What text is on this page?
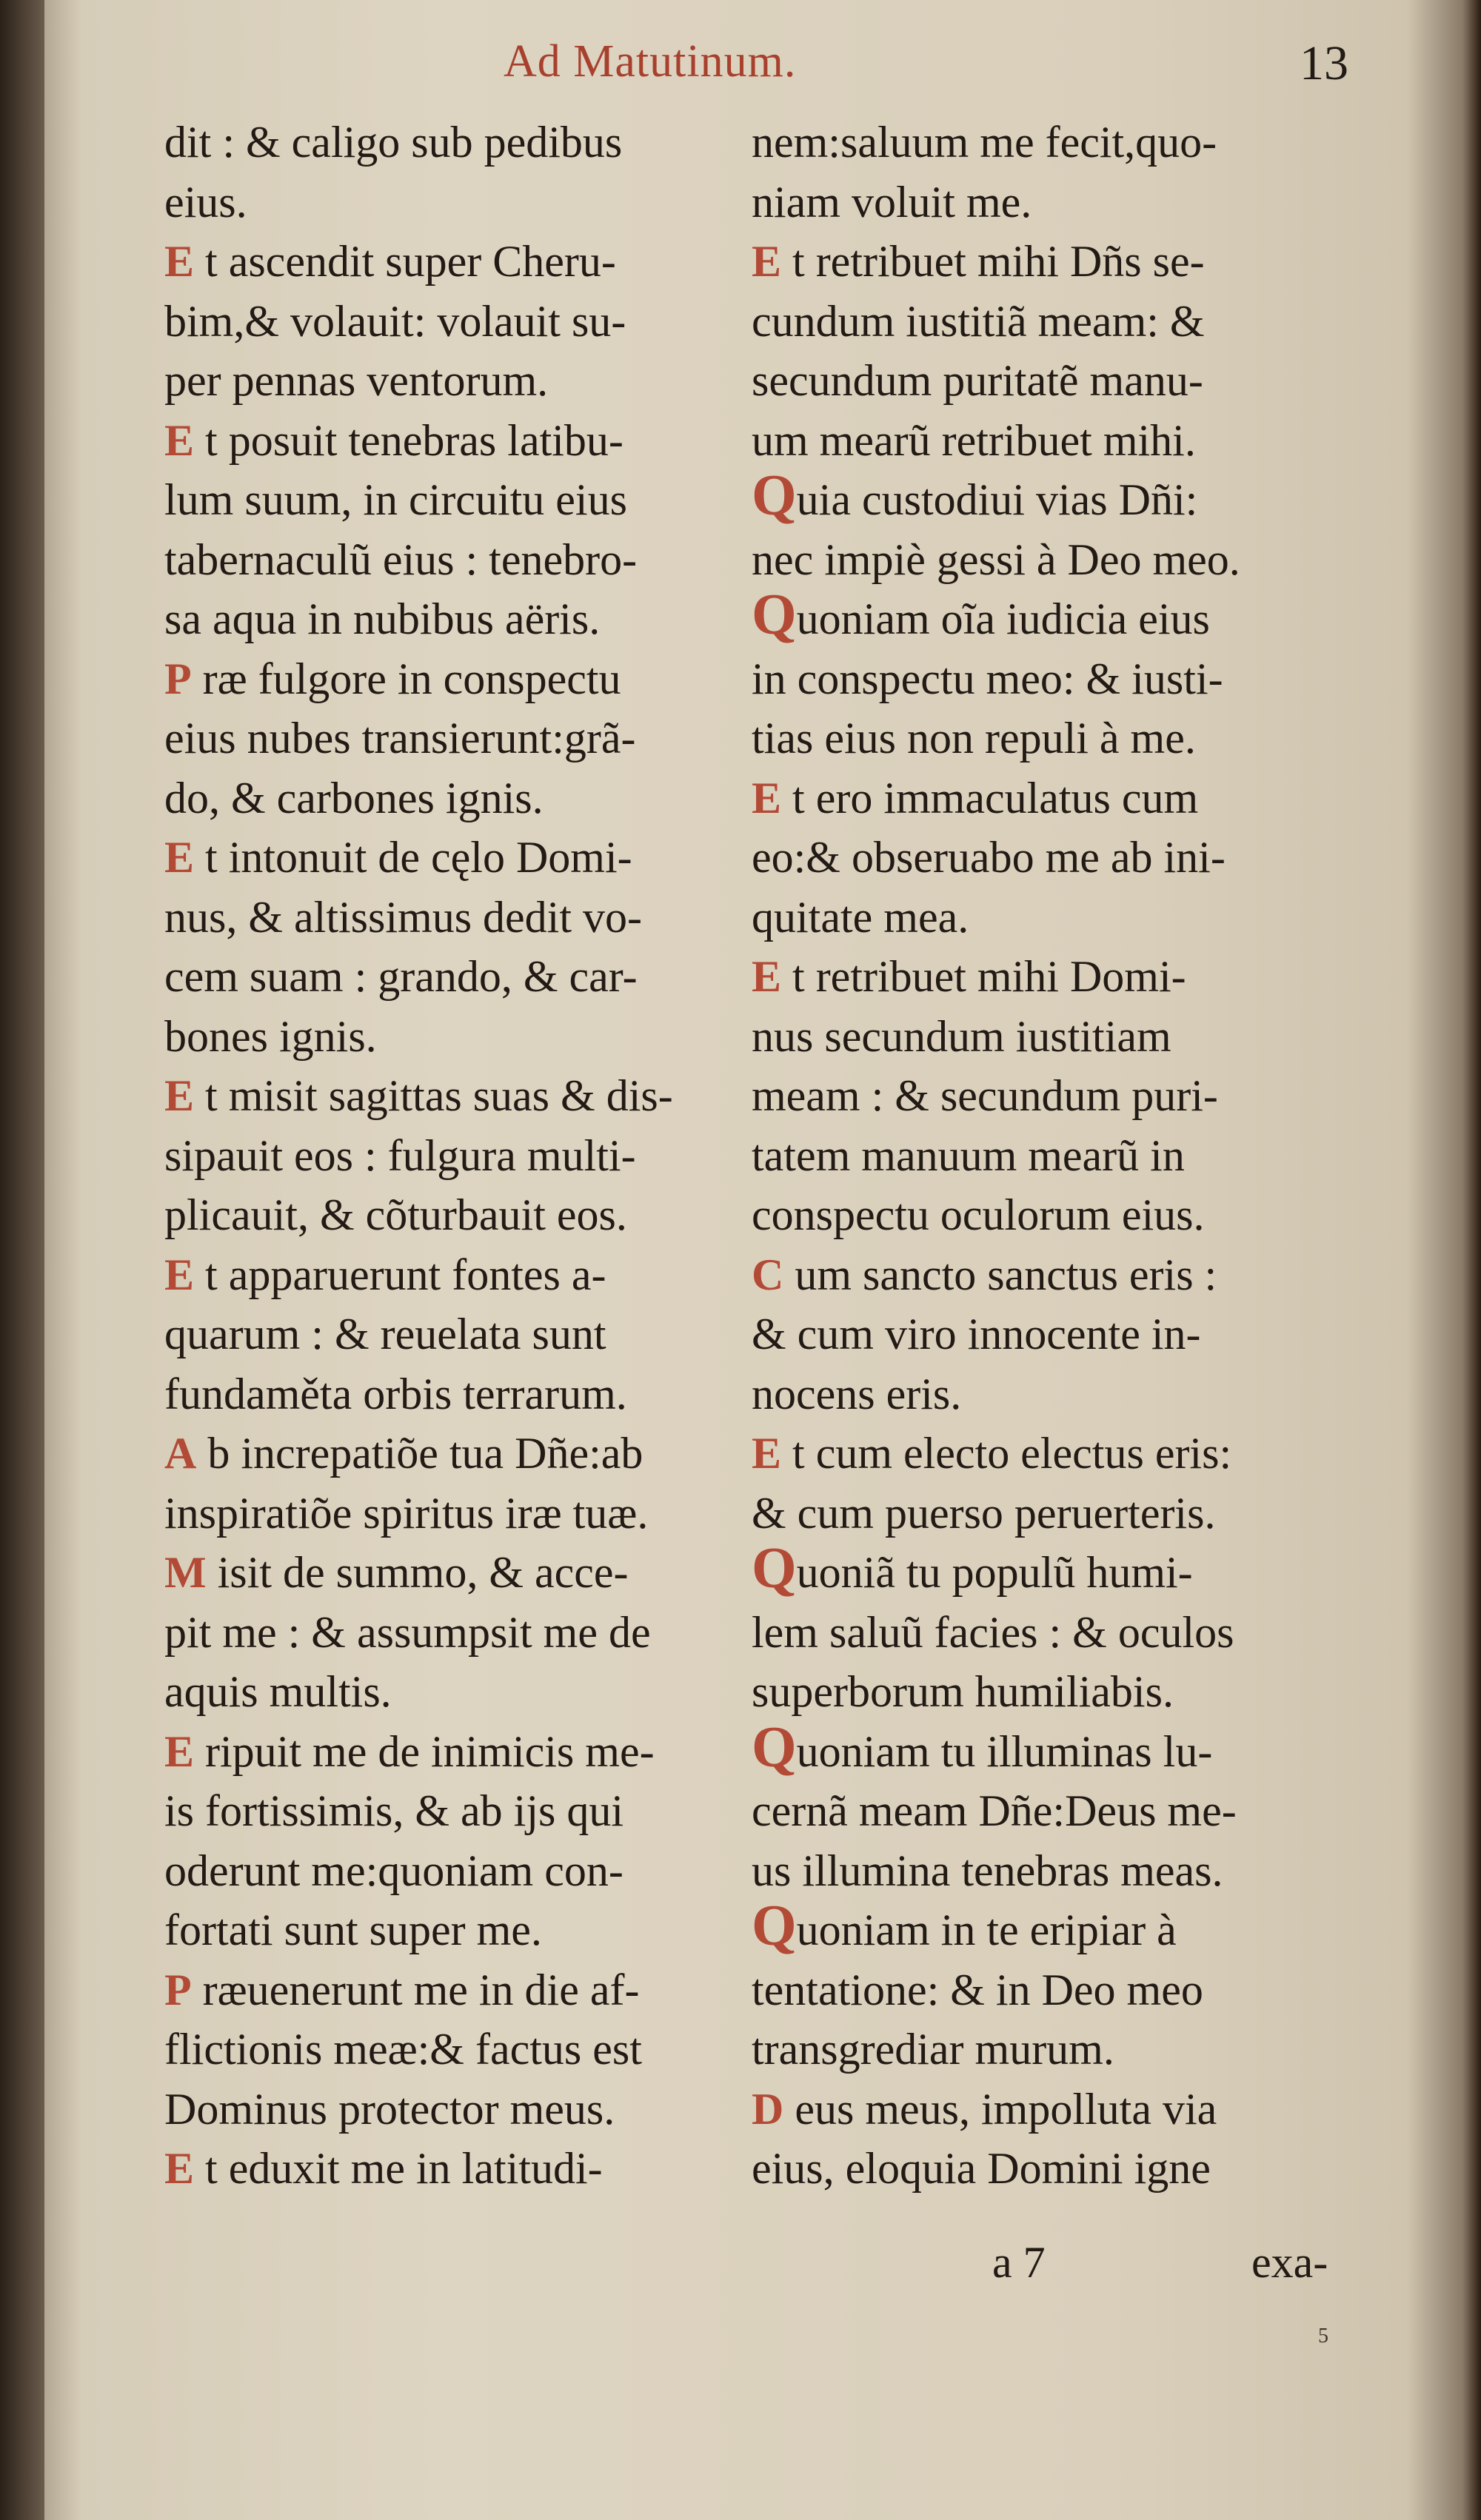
Ad Matutinum.	13
dit : & caligo sub pedibus
eius.
E t ascendit super Cheru-
bim,& volauit: volauit su-
per pennas ventorum.
E t posuit tenebras latibu-
lum suum, in circuitu eius
tabernaculũ eius : tenebro-
sa aqua in nubibus aëris.
P ræ fulgore in conspectu
eius nubes transierunt:grã-
do, & carbones ignis.
E t intonuit de cęlo Domi-
nus, & altissimus dedit vo-
cem suam : grando, & car-
bones ignis.
E t misit sagittas suas & dis-
sipauit eos : fulgura multi-
plicauit, & cõturbauit eos.
E t apparuerunt fontes a-
quarum : & reuelata sunt
fundaměta orbis terrarum.
A b increpatiõe tua Dñe:ab
inspiratiõe spiritus iræ tuæ.
M isit de summo, & acce-
pit me : & assumpsit me de
aquis multis.
E ripuit me de inimicis me-
is fortissimis, & ab ijs qui
oderunt me:quoniam con-
fortati sunt super me.
P ræuenerunt me in die af-
flictionis meæ:& factus est
Dominus protector meus.
E t eduxit me in latitudi-
nem:saluum me fecit,quo-
niam voluit me.
E t retribuet mihi Dñs se-
cundum iustitiã meam: &
secundum puritatẽ manu-
um mearũ retribuet mihi.
Quia custodiui vias Dñi:
nec impiè gessi à Deo meo.
Quoniam oĩa iudicia eius
in conspectu meo: & iusti-
tias eius non repuli à me.
E t ero immaculatus cum
eo:& obseruabo me ab ini-
quitate mea.
E t retribuet mihi Domi-
nus secundum iustitiam
meam : & secundum puri-
tatem manuum mearũ in
conspectu oculorum eius.
C um sancto sanctus eris :
& cum viro innocente in-
nocens eris.
E t cum electo electus eris:
& cum puerso peruerteris.
Quoniã tu populũ humi-
lem saluũ facies : & oculos
superborum humiliabis.
Quoniam tu illuminas lu-
cernã meam Dñe:Deus me-
us illumina tenebras meas.
Quoniam in te eripiar à
tentatione: & in Deo meo
transgrediar murum.
D eus meus, impolluta via
eius, eloquia Domini igne
a 7	exa-
5
